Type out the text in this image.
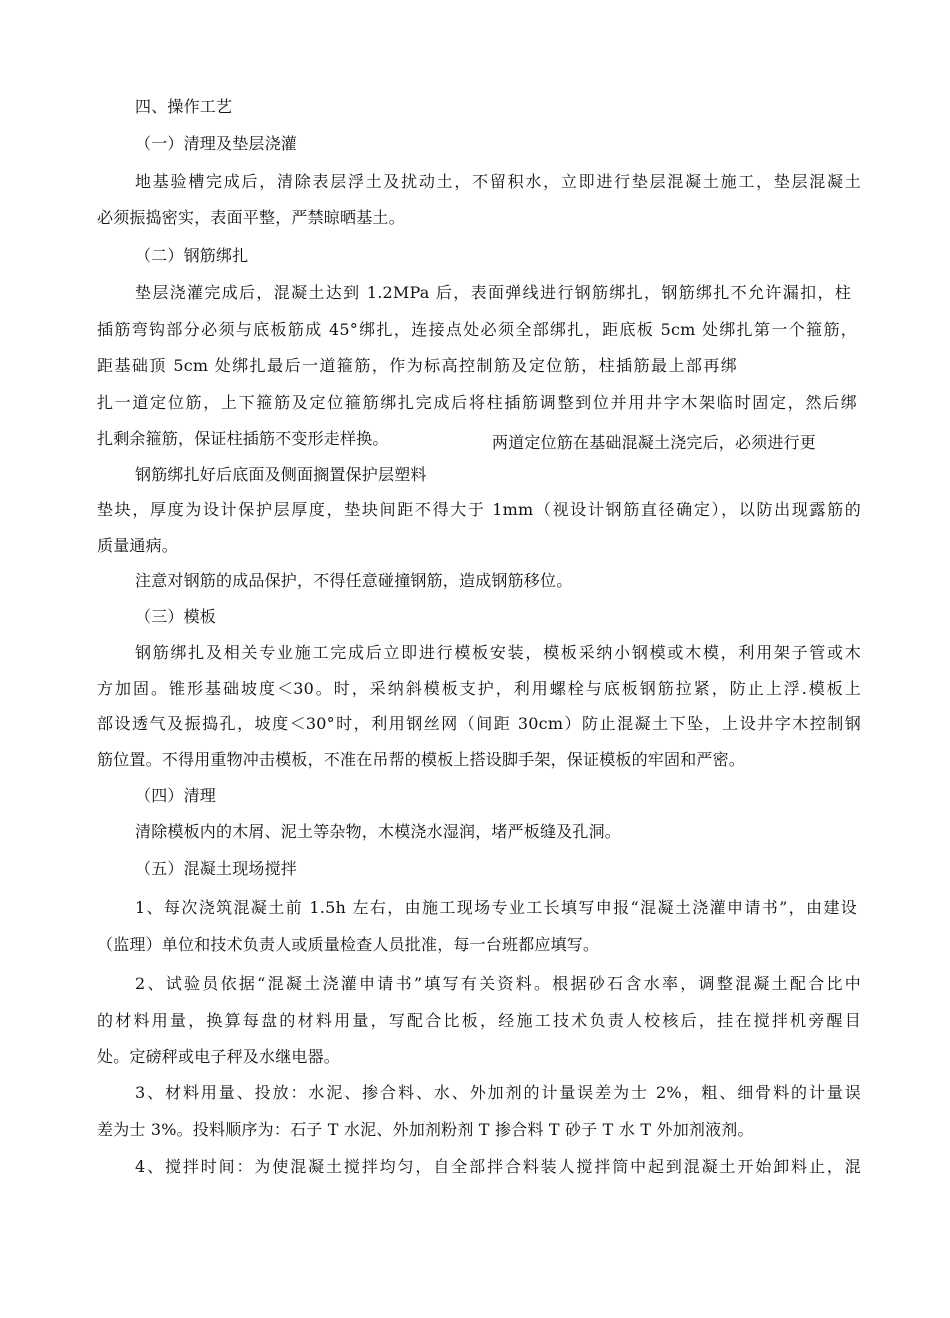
四、操作工艺
（一）清理及垫层浇灌
地基验槽完成后，清除表层浮土及扰动土，不留积水，立即进行垫层混凝土施工，垫层混凝土
必须振捣密实，表面平整，严禁晾晒基土。
（二）钢筋绑扎
垫层浇灌完成后，混凝土达到 1.2MPa 后，表面弹线进行钢筋绑扎，钢筋绑扎不允许漏扣，柱
插筋弯钩部分必须与底板筋成 45°绑扎，连接点处必须全部绑扎，距底板 5cm 处绑扎第一个箍筋，
距基础顶 5cm 处绑扎最后一道箍筋，作为标高控制筋及定位筋，柱插筋最上部再绑
扎一道定位筋，上下箍筋及定位箍筋绑扎完成后将柱插筋调整到位并用井字木架临时固定，然后绑
扎剩余箍筋，保证柱插筋不变形走样换。	两道定位筋在基础混凝土浇完后，必须进行更
钢筋绑扎好后底面及侧面搁置保护层塑料
垫块，厚度为设计保护层厚度，垫块间距不得大于 1mm（视设计钢筋直径确定），以防出现露筋的
质量通病。
注意对钢筋的成品保护，不得任意碰撞钢筋，造成钢筋移位。
（三）模板
钢筋绑扎及相关专业施工完成后立即进行模板安装，模板采纳小钢模或木模，利用架子管或木
方加固。锥形基础坡度＜30。时，采纳斜模板支护，利用螺栓与底板钢筋拉紧，防止上浮.模板上
部设透气及振捣孔，坡度＜30°时，利用钢丝网（间距 30cm）防止混凝土下坠，上设井字木控制钢
筋位置。不得用重物冲击模板，不准在吊帮的模板上搭设脚手架，保证模板的牢固和严密。
（四）清理
清除模板内的木屑、泥土等杂物，木模浇水湿润，堵严板缝及孔洞。
（五）混凝土现场搅拌
1、每次浇筑混凝土前 1.5h 左右，由施工现场专业工长填写申报“混凝土浇灌申请书”，由建设
（监理）单位和技术负责人或质量检查人员批准，每一台班都应填写。
2、试验员依据“混凝土浇灌申请书”填写有关资料。根据砂石含水率，调整混凝土配合比中
的材料用量，换算每盘的材料用量，写配合比板，经施工技术负责人校核后，挂在搅拌机旁醒目
处。定磅秤或电子秤及水继电器。
3、材料用量、投放：水泥、掺合料、水、外加剂的计量误差为士 2%，粗、细骨料的计量误
差为士 3%。投料顺序为：石子 T 水泥、外加剂粉剂 T 掺合料 T 砂子 T 水 T 外加剂液剂。
4、搅拌时间：为使混凝土搅拌均匀，自全部拌合料装人搅拌筒中起到混凝土开始卸料止，混
